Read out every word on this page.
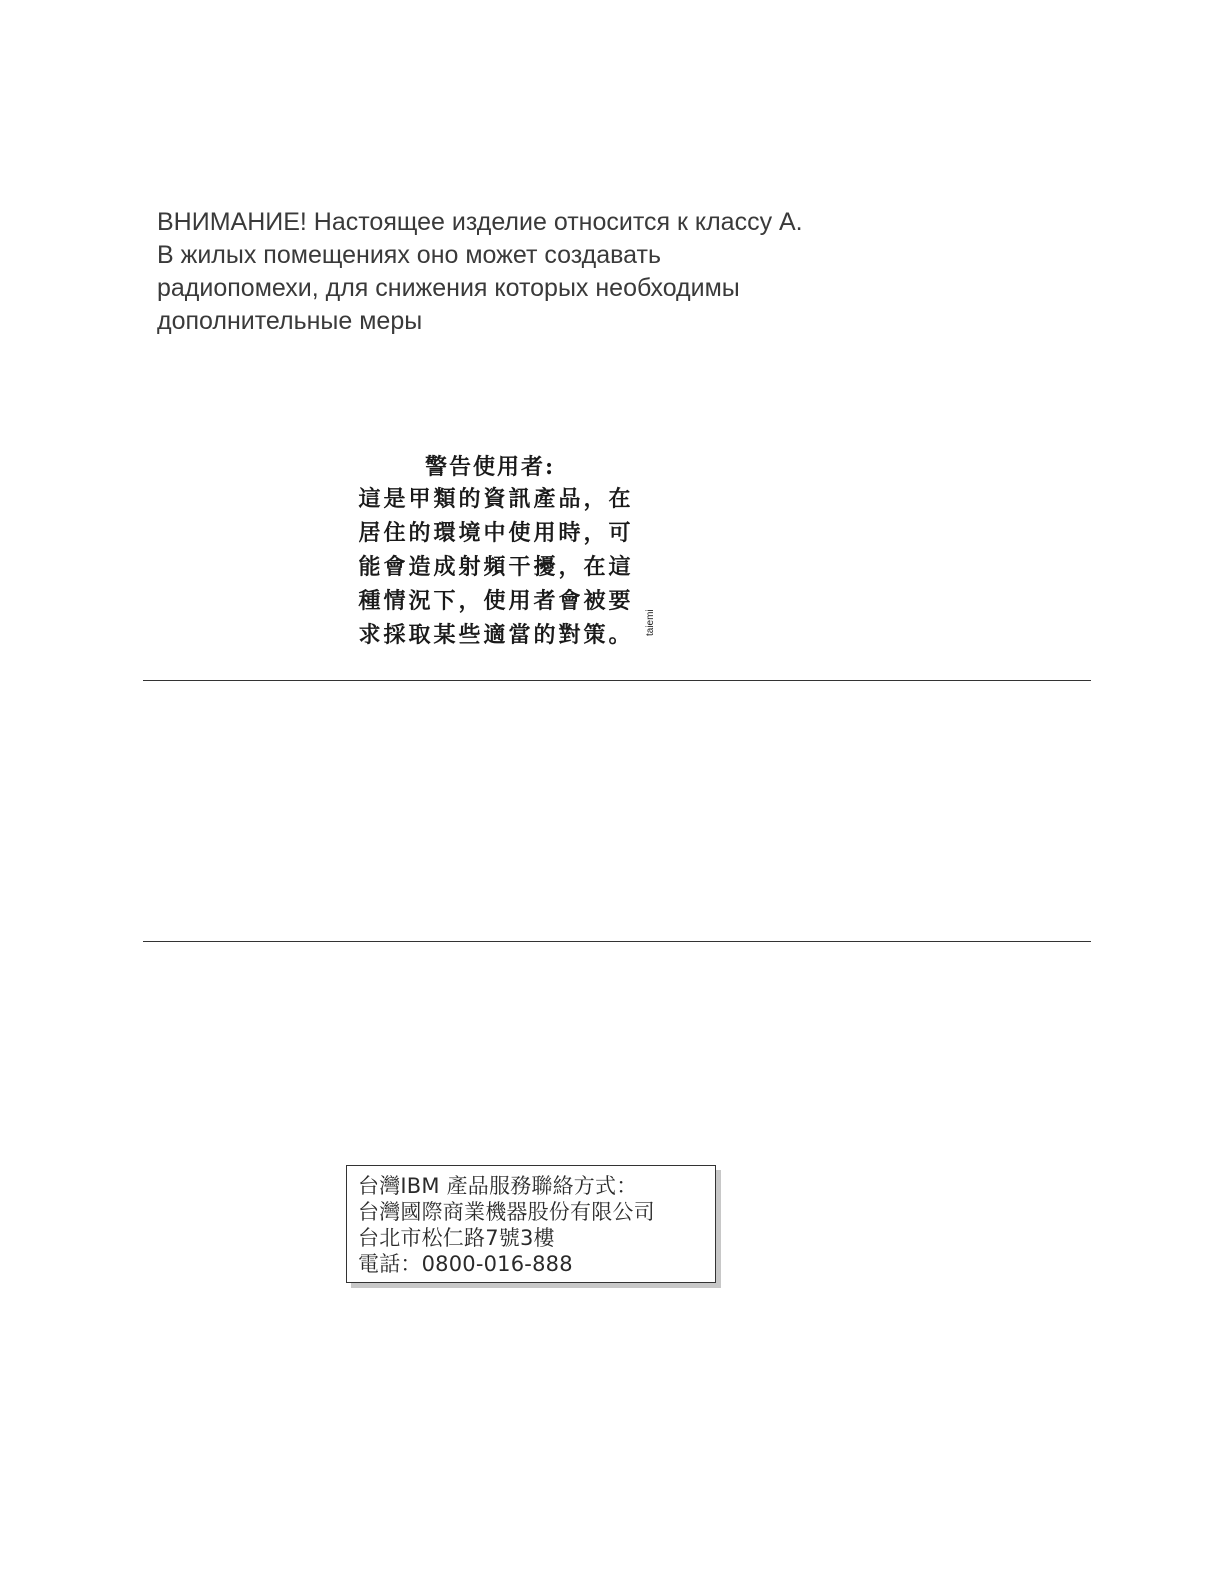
ВНИМАНИЕ! Настоящее изделие относится к классу А.
В жилых помещениях оно может создавать
радиопомехи, для снижения которых необходимы
дополнительные меры
警告使用者:
這是甲類的資訊產品，在
居住的環境中使用時，可
能會造成射頻干擾，在這
種情況下，使用者會被要
求採取某些適當的對策。	taiemi
台灣IBM 產品服務聯絡方式：
台灣國際商業機器股份有限公司
台北市松仁路7號3樓
電話：0800-016-888
